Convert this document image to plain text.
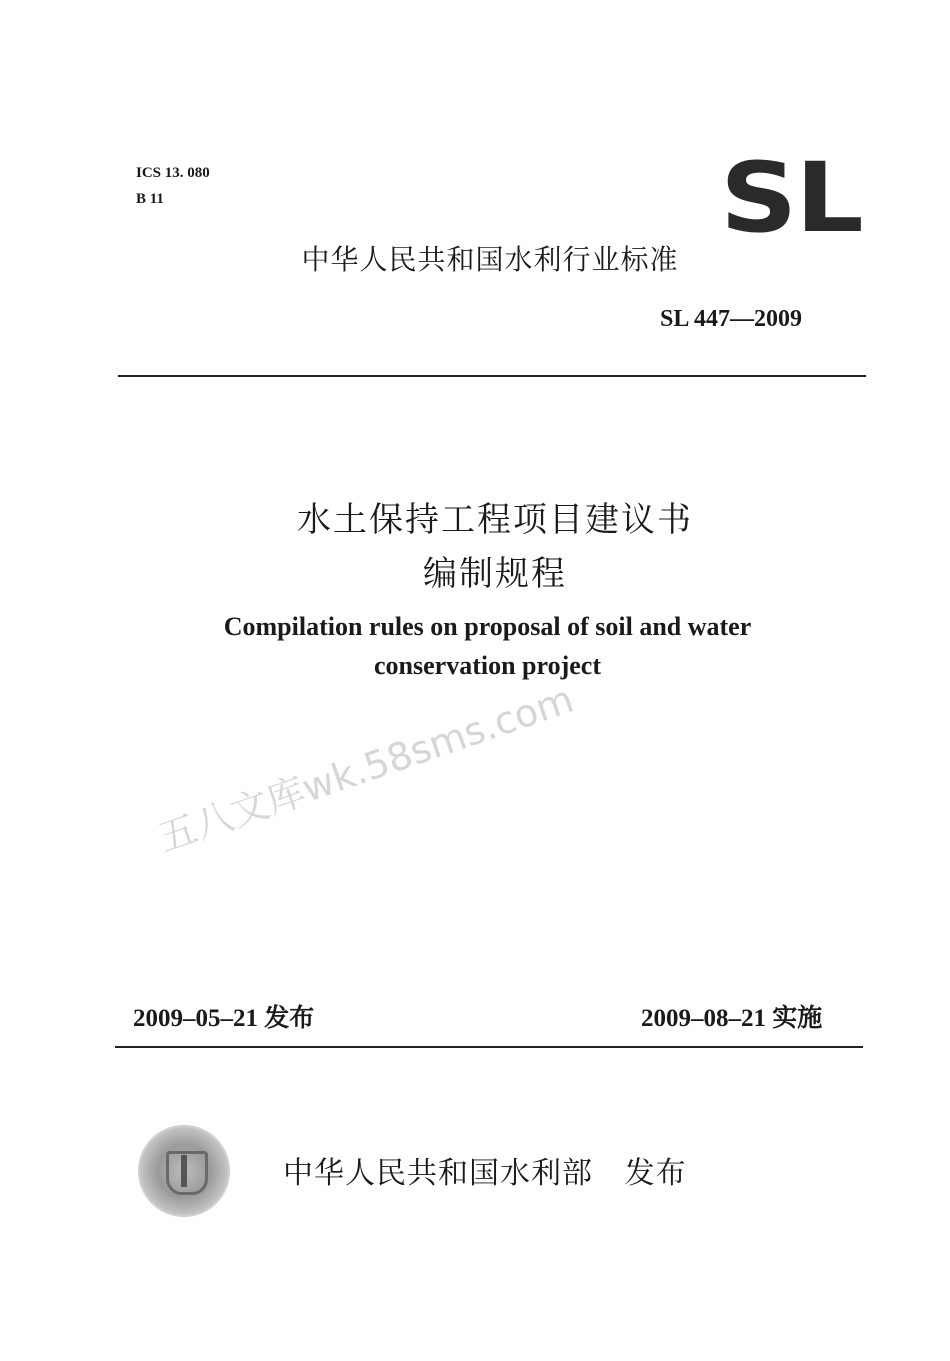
ICS 13. 080
B 11	SL
中华人民共和国水利行业标准
SL 447—2009
水土保持工程项目建议书
编制规程
Compilation rules on proposal of soil and water
conservation project
五八文库wk.58sms.com
2009–05–21 发布	2009–08–21 实施
中华人民共和国水利部   发布
